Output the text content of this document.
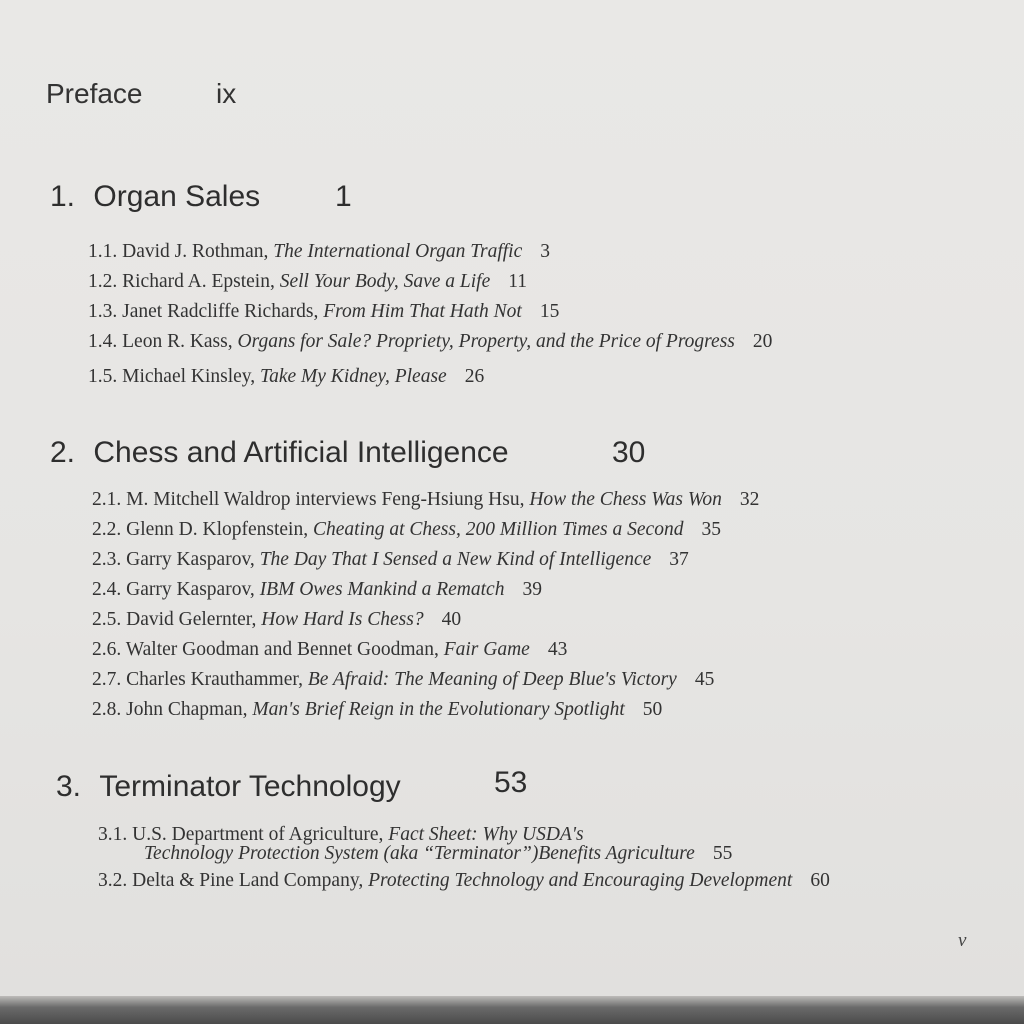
Preface	ix
1. Organ Sales 1
1.1. David J. Rothman, The International Organ Traffic 3
1.2. Richard A. Epstein, Sell Your Body, Save a Life 11
1.3. Janet Radcliffe Richards, From Him That Hath Not 15
1.4. Leon R. Kass, Organs for Sale? Propriety, Property, and the Price of Progress 20
1.5. Michael Kinsley, Take My Kidney, Please 26
2. Chess and Artificial Intelligence	30
2.1. M. Mitchell Waldrop interviews Feng-Hsiung Hsu, How the Chess Was Won 32
2.2. Glenn D. Klopfenstein, Cheating at Chess, 200 Million Times a Second 35
2.3. Garry Kasparov, The Day That I Sensed a New Kind of Intelligence 37
2.4. Garry Kasparov, IBM Owes Mankind a Rematch 39
2.5. David Gelernter, How Hard Is Chess? 40
2.6. Walter Goodman and Bennet Goodman, Fair Game 43
2.7. Charles Krauthammer, Be Afraid: The Meaning of Deep Blue's Victory 45
2.8. John Chapman, Man's Brief Reign in the Evolutionary Spotlight 50
3. Terminator Technology	53
3.1. U.S. Department of Agriculture, Fact Sheet: Why USDA's
Technology Protection System (aka “Terminator”)Benefits Agriculture 55
3.2. Delta & Pine Land Company, Protecting Technology and Encouraging Development 60
v
